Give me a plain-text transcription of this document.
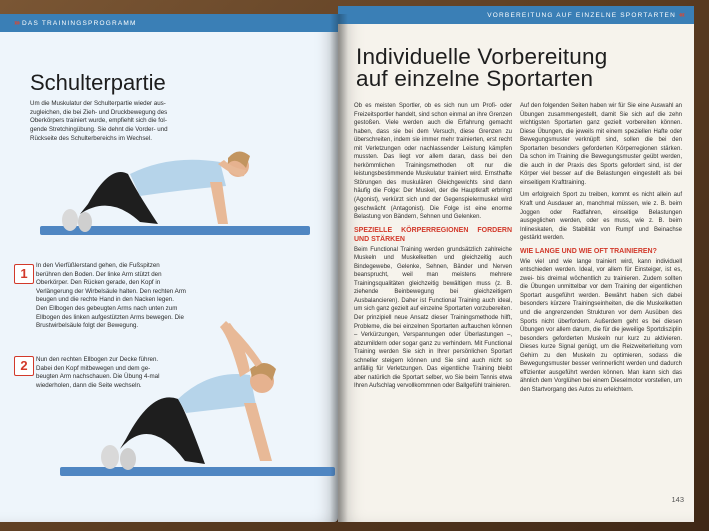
››› DAS TRAININGSPROGRAMM
Schulterpartie
Um die Muskulatur der Schulterpartie wieder auszugleichen, die bei Zieh- und Druckbewegung des Oberkörpers trainiert wurde, empfiehlt sich die folgende Stretchingübung. Sie dehnt die Vorder- und Rückseite des Schulterbereichs im Wechsel.
1
In den Vierfüßlerstand gehen, die Fußspitzen berühren den Boden. Der linke Arm stützt den Oberkörper. Den Rücken gerade, den Kopf in Verlängerung der Wirbelsäule halten. Den rechten Arm beugen und die rechte Hand in den Nacken legen. Den Ellbogen des gebeugten Arms nach unten zum Ellbogen des linken aufgestützten Arms bewegen. Die Brustwirbelsäule folgt der Bewegung.
2	Nun den rechten Ellbogen zur Decke führen. Dabei den Kopf mitbewegen und dem gebeugten Arm nachschauen. Die Übung 4-mal wiederholen, dann die Seite wechseln.
VORBEREITUNG AUF EINZELNE SPORTARTEN ‹‹‹
Individuelle Vorbereitung
auf einzelne Sportarten
Ob es meisten Sportler, ob es sich nun um Profi- oder Freizeitsportler handelt, sind schon einmal an ihre Grenzen gestoßen. Viele werden auch die Erfahrung gemacht haben, dass sie bei dem Versuch, diese Grenzen zu überschreiten, indem sie immer mehr trainierten, erst recht mit Verletzungen oder nachlassender Leistung kämpfen mussten. Das liegt vor allem daran, dass bei den herkömmlichen Trainingsmethoden oft nur die leistungsbestimmende Muskulatur trainiert wird. Ernsthafte Störungen des muskulären Gleichgewichts sind dann häufig die Folge: Der Muskel, der die Hauptkraft erbringt (Agonist), verkürzt sich und der Gegenspielermuskel wird geschwächt (Antagonist). Die Folge ist eine enorme Belastung von Bändern, Sehnen und Gelenken.
SPEZIELLE KÖRPERREGIONEN FORDERN UND STÄRKEN
Beim Functional Training werden grundsätzlich zahlreiche Muskeln und Muskelketten und gleichzeitig auch Bindegewebe, Gelenke, Sehnen, Bänder und Nerven beansprucht, weil man meistens mehrere Trainingsqualitäten gleichzeitig bewältigen muss (z. B. ziehende Beinbewegung bei gleichzeitigem Ausbalancieren). Daher ist Functional Training auch ideal, um sich ganz gezielt auf einzelne Sportarten vorzubereiten. Der prinzipiell neue Ansatz dieser Trainingsmethode hilft, Probleme, die bei einzelnen Sportarten auftauchen können – Verkürzungen, Verspannungen oder Überlastungen –, abzumildern oder sogar ganz zu verhindern. Mit Functional Training werden Sie sich in Ihrer persönlichen Sportart schneller steigern können und Sie sind auch nicht so anfällig für Verletzungen. Das eigentliche Training bleibt aber natürlich die Sportart selber, wo Sie beim Tennis etwa Ihren Aufschlag vervollkommnen oder Ballgefühl trainieren.
Auf den folgenden Seiten haben wir für Sie eine Auswahl an Übungen zusammengestellt, damit Sie sich auf die zehn wichtigsten Sportarten ganz gezielt vorbereiten können. Diese Übungen, die jeweils mit einem speziellen Hafte oder Bewegungsmuster verknüpft sind, sollen die bei den Sportarten besonders geforderten Körperregionen stärken. Da schon im Training die Bewegungsmuster geübt werden, die auch in der Praxis des Sports gefordert sind, ist der Körper viel besser auf die Belastungen eingestellt als bei einseitigem Krafttraining.
Um erfolgreich Sport zu treiben, kommt es nicht allein auf Kraft und Ausdauer an, manchmal müssen, wie z. B. beim Joggen oder Radfahren, einseitige Belastungen ausgeglichen werden, oder es muss, wie z. B. beim Inlineskaten, die Stabilität von Rumpf und Beinachse gestärkt werden.
WIE LANGE UND WIE OFT TRAINIEREN?
Wie viel und wie lange trainiert wird, kann individuell entschieden werden. Ideal, vor allem für Einsteiger, ist es, zwei- bis dreimal wöchentlich zu trainieren. Zudem sollten die Übungen unmittelbar vor dem Training der eigentlichen Sportart ausgeführt werden. Bewährt haben sich dabei besonders kürzere Trainingseinheiten, die die Muskelketten und die angrenzenden Strukturen vor dem Ausüben des Sports nicht überfordern. Außerdem geht es bei diesen Übungen vor allem darum, die für die jeweilige Sportdisziplin besonders geforderten Muskeln nur kurz zu aktivieren. Dieses kurze Signal genügt, um die Reizweiterleitung vom Gehirn zu den Muskeln zu optimieren, sodass die Bewegungsmuster besser verinnerlicht werden und dadurch effizienter ausgeführt werden können. Man kann sich das ähnlich dem Vorglühen bei einem Dieselmotor vorstellen, um den Startvorgang des Autos zu erleichtern.
143
